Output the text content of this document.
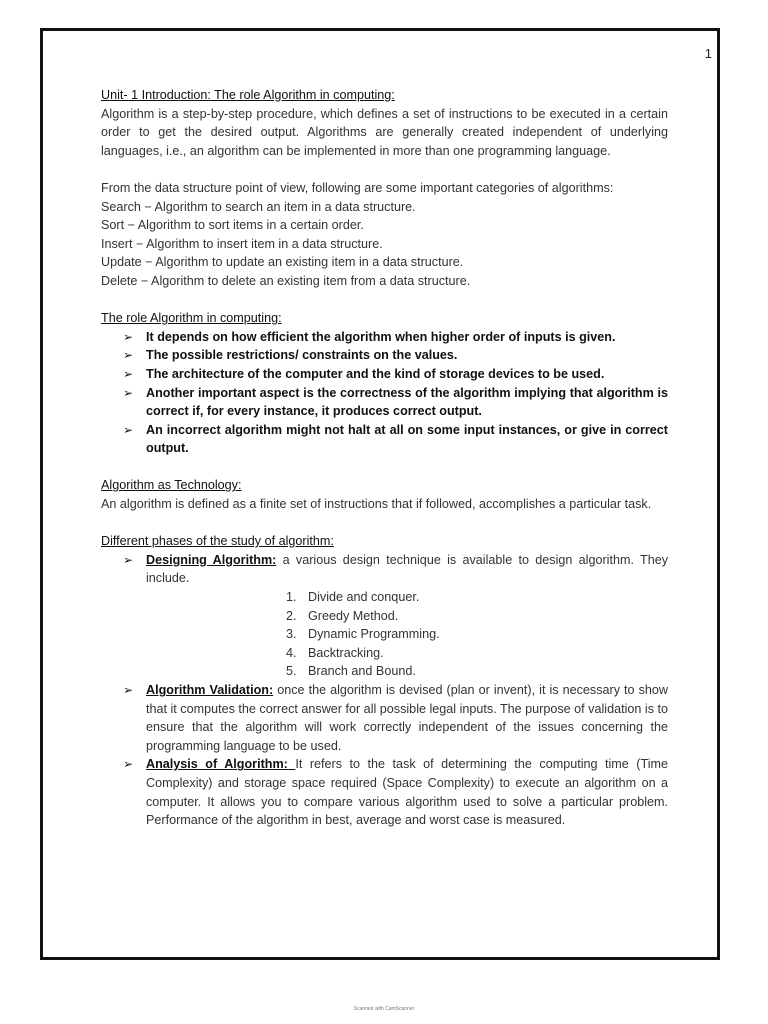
1

Unit- 1 Introduction: The role Algorithm in computing:

Algorithm is a step-by-step procedure, which defines a set of instructions to be executed in a certain order to get the desired output. Algorithms are generally created independent of underlying languages, i.e., an algorithm can be implemented in more than one programming language.

From the data structure point of view, following are some important categories of algorithms:

Search − Algorithm to search an item in a data structure.
Sort − Algorithm to sort items in a certain order.
Insert − Algorithm to insert item in a data structure.
Update − Algorithm to update an existing item in a data structure.
Delete − Algorithm to delete an existing item from a data structure.

The role Algorithm in computing:

➢ It depends on how efficient the algorithm when higher order of inputs is given.
➢ The possible restrictions/ constraints on the values.
➢ The architecture of the computer and the kind of storage devices to be used.
➢ Another important aspect is the correctness of the algorithm implying that algorithm is correct if, for every instance, it produces correct output.
➢ An incorrect algorithm might not halt at all on some input instances, or give in correct output.

Algorithm as Technology:

An algorithm is defined as a finite set of instructions that if followed, accomplishes a particular task.

Different phases of the study of algorithm:

➢ Designing Algorithm: a various design technique is available to design algorithm. They include.
1. Divide and conquer.
2. Greedy Method.
3. Dynamic Programming.
4. Backtracking.
5. Branch and Bound.
➢ Algorithm Validation: once the algorithm is devised (plan or invent), it is necessary to show that it computes the correct answer for all possible legal inputs. The purpose of validation is to ensure that the algorithm will work correctly independent of the issues concerning the programming language to be used.
➢ Analysis of Algorithm: It refers to the task of determining the computing time (Time Complexity) and storage space required (Space Complexity) to execute an algorithm on a computer. It allows you to compare various algorithm used to solve a particular problem. Performance of the algorithm in best, average and worst case is measured.
Scanned with CamScanner
